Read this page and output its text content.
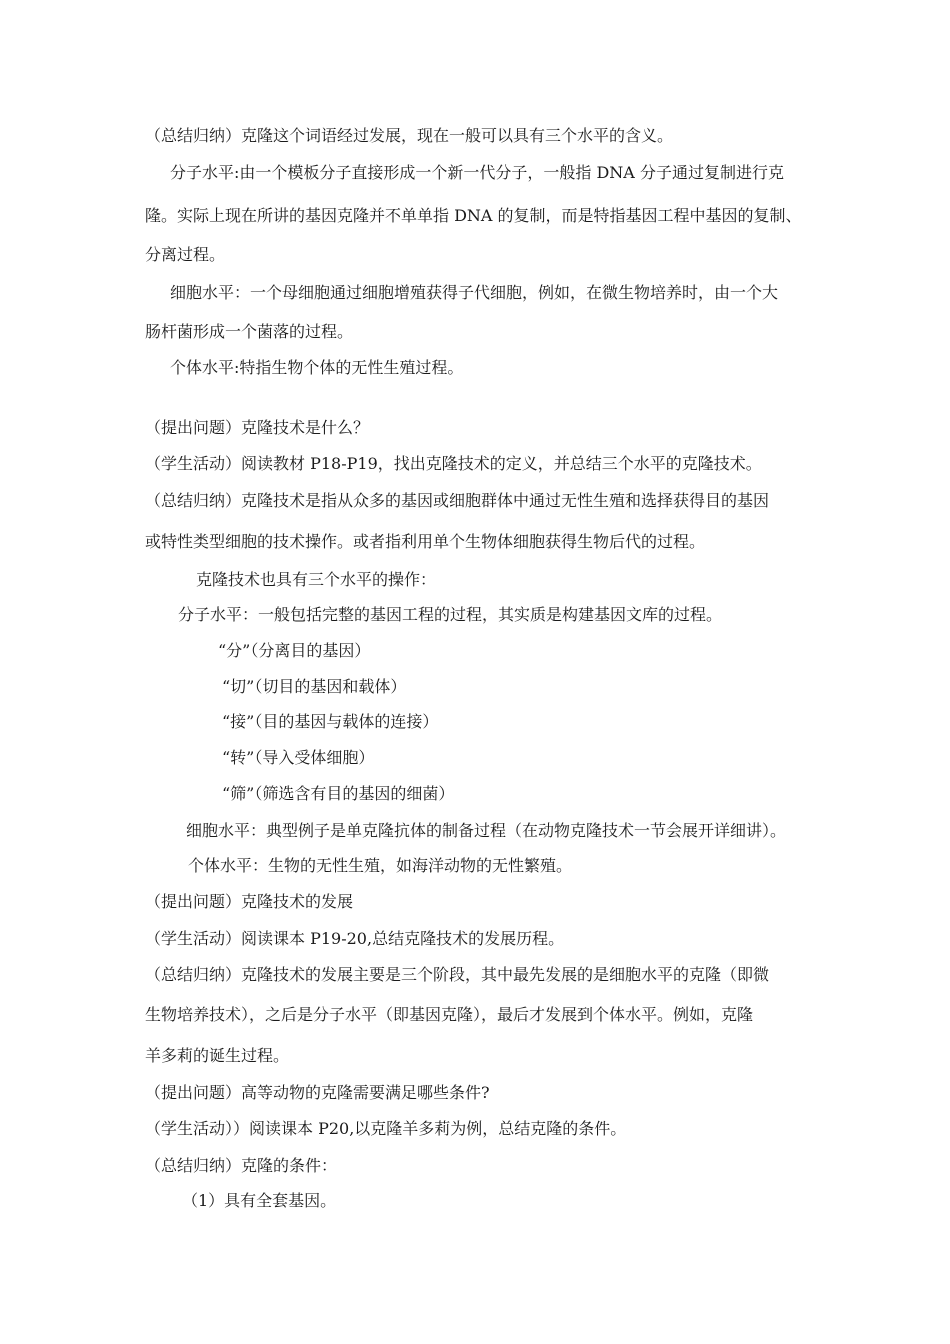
（总结归纳）克隆这个词语经过发展，现在一般可以具有三个水平的含义。
分子水平:由一个模板分子直接形成一个新一代分子，一般指 DNA 分子通过复制进行克
隆。实际上现在所讲的基因克隆并不单单指 DNA 的复制，而是特指基因工程中基因的复制、
分离过程。
细胞水平：一个母细胞通过细胞增殖获得子代细胞，例如，在微生物培养时，由一个大
肠杆菌形成一个菌落的过程。
个体水平:特指生物个体的无性生殖过程。
（提出问题）克隆技术是什么？
（学生活动）阅读教材 P18-P19，找出克隆技术的定义，并总结三个水平的克隆技术。
（总结归纳）克隆技术是指从众多的基因或细胞群体中通过无性生殖和选择获得目的基因
或特性类型细胞的技术操作。或者指利用单个生物体细胞获得生物后代的过程。
克隆技术也具有三个水平的操作：
分子水平：一般包括完整的基因工程的过程，其实质是构建基因文库的过程。
“分”（分离目的基因）
“切”（切目的基因和载体）
“接”（目的基因与载体的连接）
“转”（导入受体细胞）
“筛”（筛选含有目的基因的细菌）
细胞水平：典型例子是单克隆抗体的制备过程（在动物克隆技术一节会展开详细讲）。
个体水平：生物的无性生殖，如海洋动物的无性繁殖。
（提出问题）克隆技术的发展
（学生活动）阅读课本 P19-20,总结克隆技术的发展历程。
（总结归纳）克隆技术的发展主要是三个阶段，其中最先发展的是细胞水平的克隆（即微
生物培养技术），之后是分子水平（即基因克隆），最后才发展到个体水平。例如，克隆
羊多莉的诞生过程。
（提出问题）高等动物的克隆需要满足哪些条件?
（学生活动））阅读课本 P20,以克隆羊多莉为例，总结克隆的条件。
（总结归纳）克隆的条件：
（1）具有全套基因。
